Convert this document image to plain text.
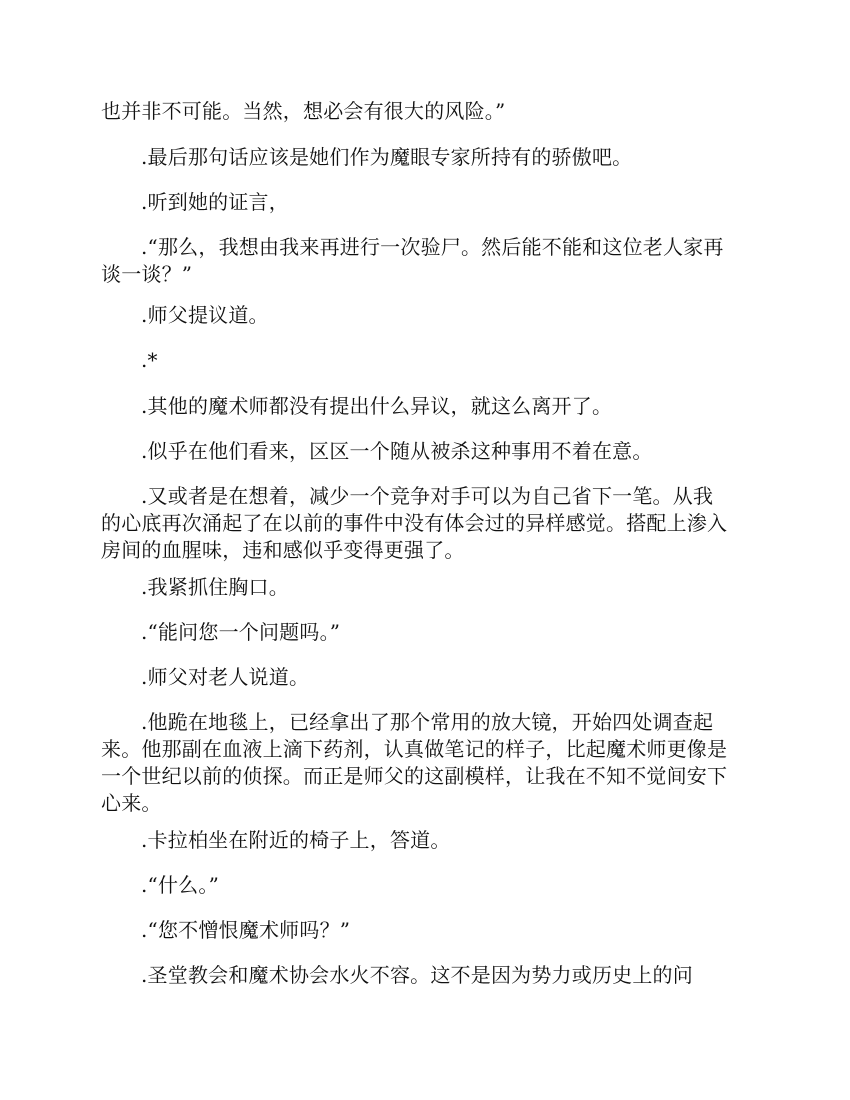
也并非不可能。当然，想必会有很大的风险。”
.最后那句话应该是她们作为魔眼专家所持有的骄傲吧。
.听到她的证言，
.“那么，我想由我来再进行一次验尸。然后能不能和这位老人家再
谈一谈？”
.师父提议道。
.*
.其他的魔术师都没有提出什么异议，就这么离开了。
.似乎在他们看来，区区一个随从被杀这种事用不着在意。
.又或者是在想着，减少一个竞争对手可以为自己省下一笔。从我
的心底再次涌起了在以前的事件中没有体会过的异样感觉。搭配上渗入
房间的血腥味，违和感似乎变得更强了。
.我紧抓住胸口。
.“能问您一个问题吗。”
.师父对老人说道。
.他跪在地毯上，已经拿出了那个常用的放大镜，开始四处调查起
来。他那副在血液上滴下药剂，认真做笔记的样子，比起魔术师更像是
一个世纪以前的侦探。而正是师父的这副模样，让我在不知不觉间安下
心来。
.卡拉柏坐在附近的椅子上，答道。
.“什么。”
.“您不憎恨魔术师吗？”
.圣堂教会和魔术协会水火不容。这不是因为势力或历史上的问
